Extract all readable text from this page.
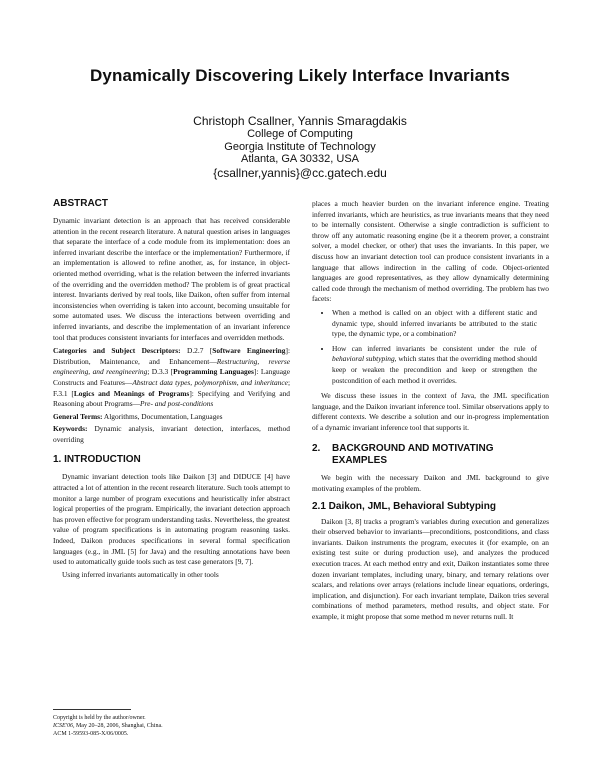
Dynamically Discovering Likely Interface Invariants
Christoph Csallner, Yannis Smaragdakis
College of Computing
Georgia Institute of Technology
Atlanta, GA 30332, USA
{csallner,yannis}@cc.gatech.edu
ABSTRACT

Dynamic invariant detection is an approach that has received considerable attention in the recent research literature. A natural question arises in languages that separate the interface of a code module from its implementation: does an inferred invariant describe the interface or the implementation? Furthermore, if an implementation is allowed to refine another, as, for instance, in object-oriented method overriding, what is the relation between the inferred invariants of the overriding and the overridden method? The problem is of great practical interest. Invariants derived by real tools, like Daikon, often suffer from internal inconsistencies when overriding is taken into account, becoming unsuitable for some automated uses. We discuss the interactions between overriding and inferred invariants, and describe the implementation of an invariant inference tool that produces consistent invariants for interfaces and overridden methods.

Categories and Subject Descriptors: D.2.7 [Software Engineering]: Distribution, Maintenance, and Enhancement—Restructuring, reverse engineering, and reengineering; D.3.3 [Programming Languages]: Language Constructs and Features—Abstract data types, polymorphism, and inheritance; F.3.1 [Logics and Meanings of Programs]: Specifying and Verifying and Reasoning about Programs—Pre- and post-conditions

General Terms: Algorithms, Documentation, Languages

Keywords: Dynamic analysis, invariant detection, interfaces, method overriding

1. INTRODUCTION

Dynamic invariant detection tools like Daikon [3] and DIDUCE [4] have attracted a lot of attention in the recent research literature. Such tools attempt to monitor a large number of program executions and heuristically infer abstract logical properties of the program. Empirically, the invariant detection approach has proven effective for program understanding tasks. Nevertheless, the greatest value of program specifications is in automating program reasoning tasks. Indeed, Daikon produces specifications in several formal specification languages (e.g., in JML [5] for Java) and the resulting annotations have been used to automatically guide tools such as test case generators [9, 7].

Using inferred invariants automatically in other tools

Copyright is held by the author/owner.
ICSE'06, May 20–28, 2006, Shanghai, China.
ACM 1-59593-085-X/06/0005.

places a much heavier burden on the invariant inference engine. Treating inferred invariants, which are heuristics, as true invariants means that they need to be internally consistent. Otherwise a single contradiction is sufficient to throw off any automatic reasoning engine (be it a theorem prover, a constraint solver, a model checker, or other) that uses the invariants. In this paper, we discuss how an invariant detection tool can produce consistent invariants in a language that allows indirection in the calling of code. Object-oriented languages are good representatives, as they allow dynamically determining called code through the mechanism of method overriding. The problem has two facets:

• When a method is called on an object with a different static and dynamic type, should inferred invariants be attributed to the static type, the dynamic type, or a combination?
• How can inferred invariants be consistent under the rule of behavioral subtyping, which states that the overriding method should keep or weaken the precondition and keep or strengthen the postcondition of each method it overrides.

We discuss these issues in the context of Java, the JML specification language, and the Daikon invariant inference tool. Similar observations apply to different contexts. We describe a solution and our in-progress implementation of a dynamic invariant inference tool that supports it.

2.	BACKGROUND AND MOTIVATING EXAMPLES

We begin with the necessary Daikon and JML background to give motivating examples of the problem.

2.1 Daikon, JML, Behavioral Subtyping

Daikon [3, 8] tracks a program's variables during execution and generalizes their observed behavior to invariants—preconditions, postconditions, and class invariants. Daikon instruments the program, executes it (for example, on an existing test suite or during production use), and analyzes the produced execution traces. At each method entry and exit, Daikon instantiates some three dozen invariant templates, including unary, binary, and ternary relations over scalars, and relations over arrays (relations include linear equations, orderings, implication, and disjunction). For each invariant template, Daikon tries several combinations of method parameters, method results, and object state. For example, it might propose that some method m never returns null. It
